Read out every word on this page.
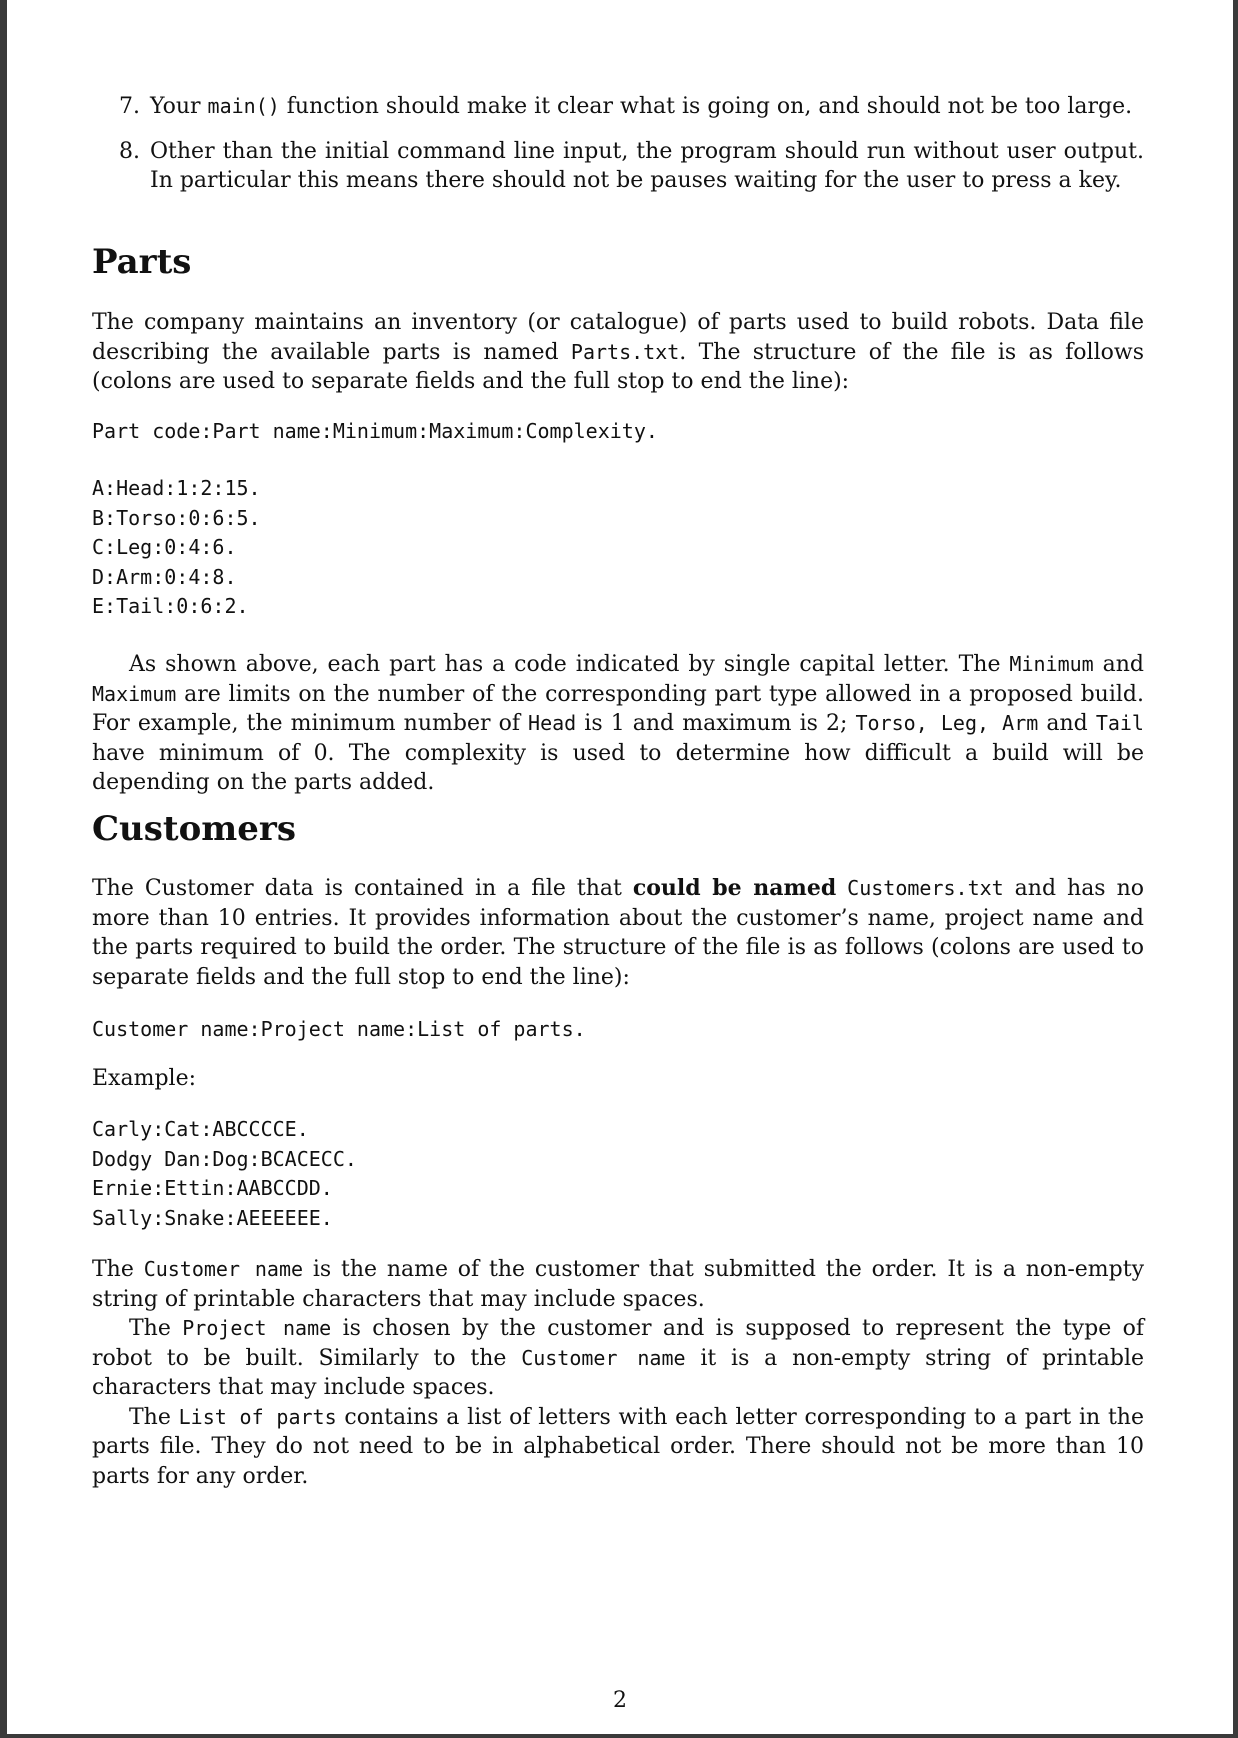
7. Your main() function should make it clear what is going on, and should not be too large.
8. Other than the initial command line input, the program should run without user output. In particular this means there should not be pauses waiting for the user to press a key.
Parts

The company maintains an inventory (or catalogue) of parts used to build robots. Data file describing the available parts is named Parts.txt. The structure of the file is as follows (colons are used to separate fields and the full stop to end the line):

Part code:Part name:Minimum:Maximum:Complexity.
A:Head:1:2:15.
B:Torso:0:6:5.
C:Leg:0:4:6.
D:Arm:0:4:8.
E:Tail:0:6:2.

As shown above, each part has a code indicated by single capital letter. The Minimum and Maximum are limits on the number of the corresponding part type allowed in a proposed build. For example, the minimum number of Head is 1 and maximum is 2; Torso, Leg, Arm and Tail have minimum of 0. The complexity is used to determine how difficult a build will be depending on the parts added.

Customers

The Customer data is contained in a file that could be named Customers.txt and has no more than 10 entries. It provides information about the customer’s name, project name and the parts required to build the order. The structure of the file is as follows (colons are used to separate fields and the full stop to end the line):

Customer name:Project name:List of parts.

Example:

Carly:Cat:ABCCCCE.
Dodgy Dan:Dog:BCACECC.
Ernie:Ettin:AABCCDD.
Sally:Snake:AEEEEEE.

The Customer name is the name of the customer that submitted the order. It is a non-empty string of printable characters that may include spaces.

The Project name is chosen by the customer and is supposed to represent the type of robot to be built. Similarly to the Customer name it is a non-empty string of printable characters that may include spaces.

The List of parts contains a list of letters with each letter corresponding to a part in the parts file. They do not need to be in alphabetical order. There should not be more than 10 parts for any order.

2
